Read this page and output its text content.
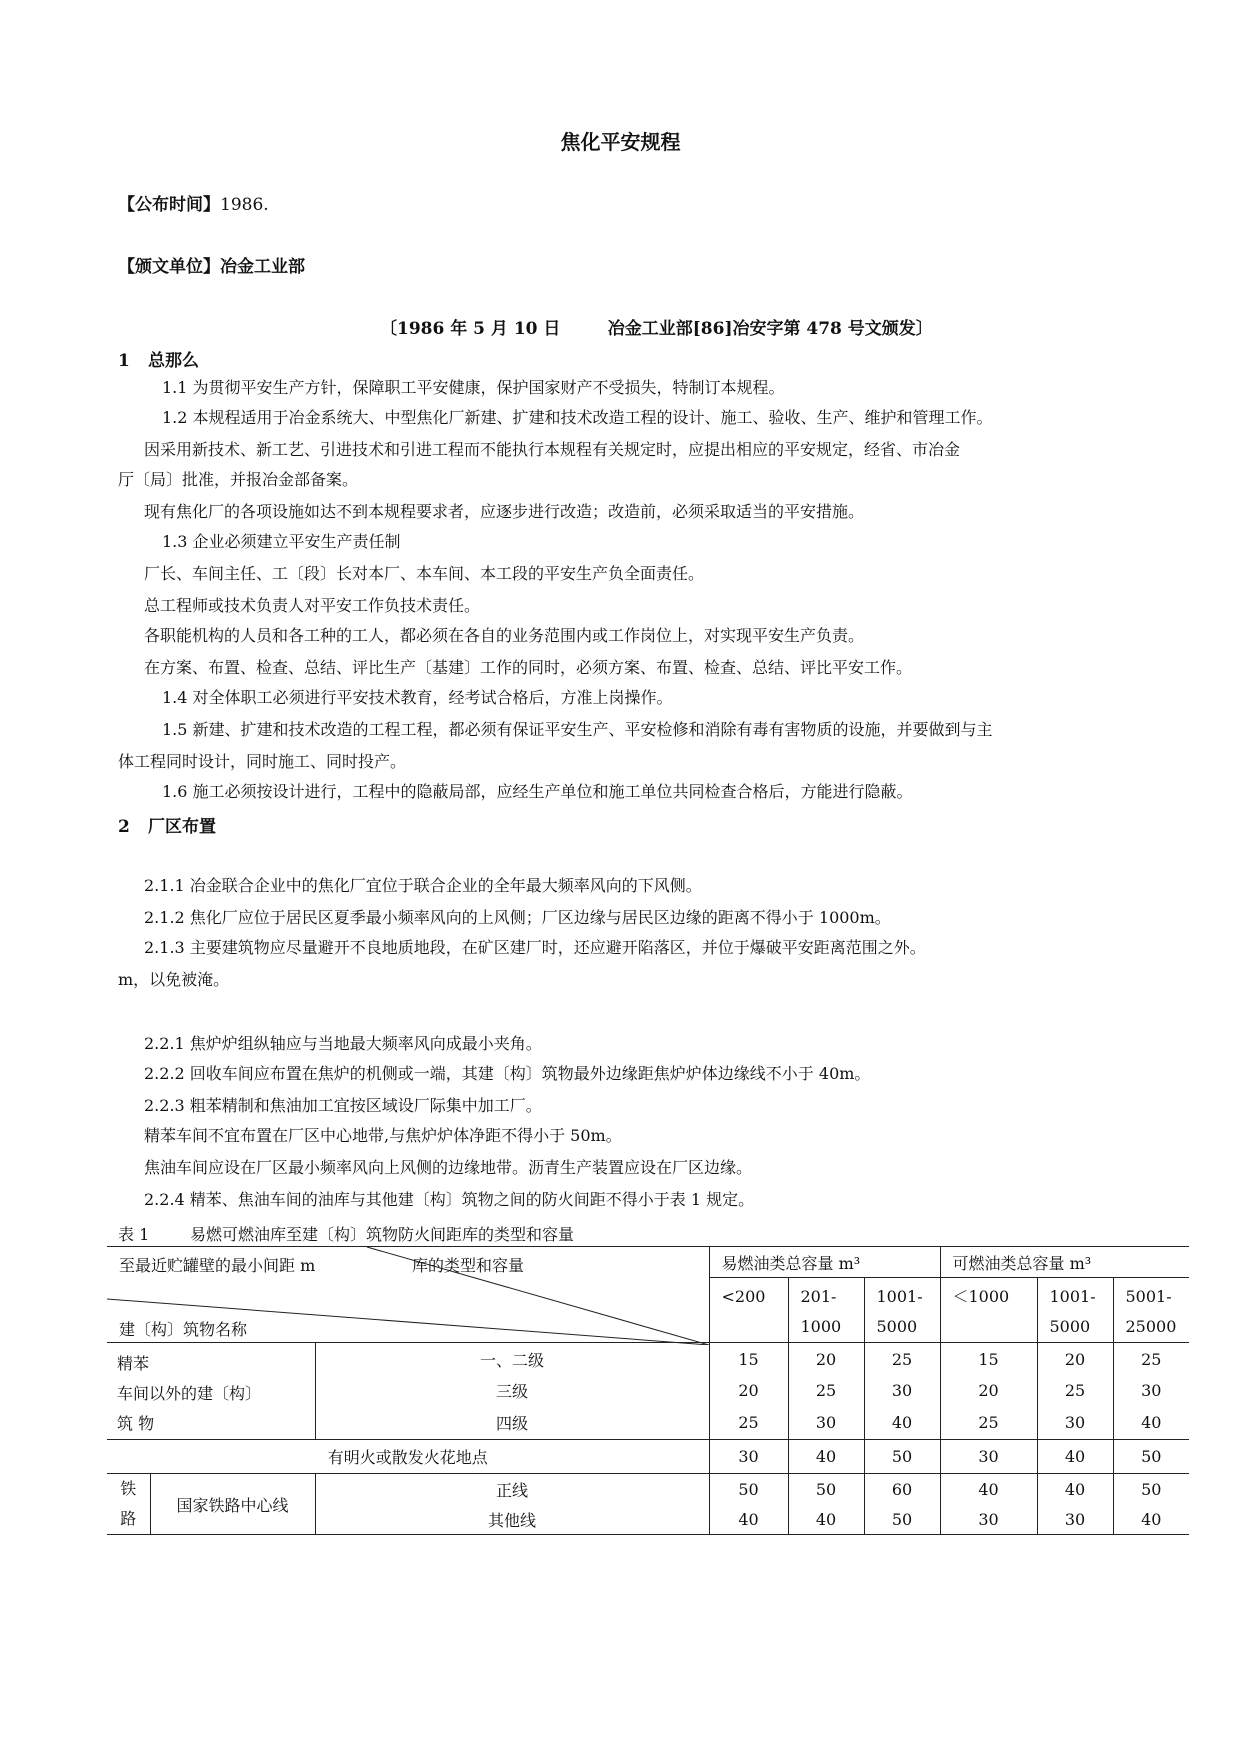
焦化平安规程
【公布时间】1986.
【颁文单位】冶金工业部
〔1986 年 5 月 10 日        冶金工业部[86]冶安字第 478 号文颁发〕
1 总那么
1.1 为贯彻平安生产方针，保障职工平安健康，保护国家财产不受损失，特制订本规程。
1.2 本规程适用于冶金系统大、中型焦化厂新建、扩建和技术改造工程的设计、施工、验收、生产、维护和管理工作。
因采用新技术、新工艺、引进技术和引进工程而不能执行本规程有关规定时，应提出相应的平安规定，经省、市冶金
厅〔局〕批准，并报冶金部备案。
现有焦化厂的各项设施如达不到本规程要求者，应逐步进行改造；改造前，必须采取适当的平安措施。
1.3 企业必须建立平安生产责任制
厂长、车间主任、工〔段〕长对本厂、本车间、本工段的平安生产负全面责任。
总工程师或技术负责人对平安工作负技术责任。
各职能机构的人员和各工种的工人，都必须在各自的业务范围内或工作岗位上，对实现平安生产负责。
在方案、布置、检查、总结、评比生产〔基建〕工作的同时，必须方案、布置、检查、总结、评比平安工作。
1.4 对全体职工必须进行平安技术教育，经考试合格后，方准上岗操作。
1.5 新建、扩建和技术改造的工程工程，都必须有保证平安生产、平安检修和消除有毒有害物质的设施，并要做到与主
体工程同时设计，同时施工、同时投产。
1.6 施工必须按设计进行，工程中的隐蔽局部，应经生产单位和施工单位共同检查合格后，方能进行隐蔽。
2 厂区布置
2.1.1 冶金联合企业中的焦化厂宜位于联合企业的全年最大频率风向的下风侧。
2.1.2 焦化厂应位于居民区夏季最小频率风向的上风侧；厂区边缘与居民区边缘的距离不得小于 1000m。
2.1.3 主要建筑物应尽量避开不良地质地段，在矿区建厂时，还应避开陷落区，并位于爆破平安距离范围之外。
m，以免被淹。
2.2.1 焦炉炉组纵轴应与当地最大频率风向成最小夹角。
2.2.2 回收车间应布置在焦炉的机侧或一端，其建〔构〕筑物最外边缘距焦炉炉体边缘线不小于 40m。
2.2.3 粗苯精制和焦油加工宜按区域设厂际集中加工厂。
精苯车间不宜布置在厂区中心地带,与焦炉炉体净距不得小于 50m。
焦油车间应设在厂区最小频率风向上风侧的边缘地带。沥青生产装置应设在厂区边缘。
2.2.4 精苯、焦油车间的油库与其他建〔构〕筑物之间的防火间距不得小于表 1 规定。
表 1        易燃可燃油库至建〔构〕筑物防火间距库的类型和容量
至最近贮罐壁的最小间距 m 库的类型和容量
建〔构〕筑物名称			易燃油类总容量 m³			可燃油类总容量 m³		

			<200	201-
1000	1001-
5000	＜1000	1001-
5000	5001-
25000

精苯
车间以外的建〔构〕
筑 物		一、二级	15	20	25	15	20	25
		三级	20	25	30	20	25	30
		四级	25	30	40	25	30	40
有明火或散发火花地点			30	40	50	30	40	50
铁
路	国家铁路中心线	正线	50	50	60	40	40	50
		其他线	40	40	50	30	30	40
